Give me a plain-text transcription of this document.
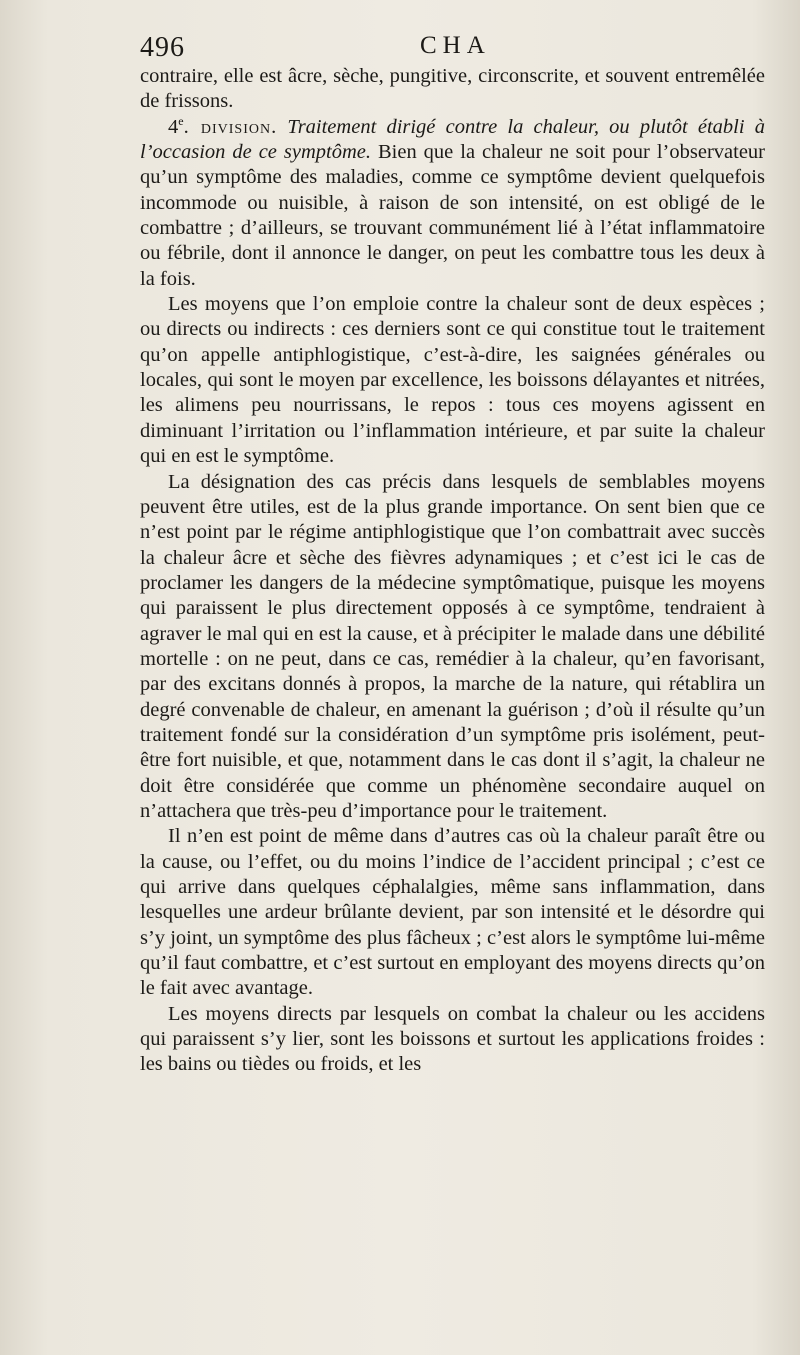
496	CHA

contraire, elle est âcre, sèche, pungitive, circonscrite, et souvent entremêlée de frissons.

4e. division. Traitement dirigé contre la chaleur, ou plutôt établi à l’occasion de ce symptôme. Bien que la chaleur ne soit pour l’observateur qu’un symptôme des maladies, comme ce symptôme devient quelquefois incommode ou nuisible, à raison de son intensité, on est obligé de le combattre ; d’ailleurs, se trouvant communément lié à l’état inflammatoire ou fébrile, dont il annonce le danger, on peut les combattre tous les deux à la fois.

Les moyens que l’on emploie contre la chaleur sont de deux espèces ; ou directs ou indirects : ces derniers sont ce qui constitue tout le traitement qu’on appelle antiphlogistique, c’est-à-dire, les saignées générales ou locales, qui sont le moyen par excellence, les boissons délayantes et nitrées, les alimens peu nourrissans, le repos : tous ces moyens agissent en diminuant l’irritation ou l’inflammation intérieure, et par suite la chaleur qui en est le symptôme.

La désignation des cas précis dans lesquels de semblables moyens peuvent être utiles, est de la plus grande importance. On sent bien que ce n’est point par le régime antiphlogistique que l’on combattrait avec succès la chaleur âcre et sèche des fièvres adynamiques ; et c’est ici le cas de proclamer les dangers de la médecine symptômatique, puisque les moyens qui paraissent le plus directement opposés à ce symptôme, tendraient à agraver le mal qui en est la cause, et à précipiter le malade dans une débilité mortelle : on ne peut, dans ce cas, remédier à la chaleur, qu’en favorisant, par des excitans donnés à propos, la marche de la nature, qui rétablira un degré convenable de chaleur, en amenant la guérison ; d’où il résulte qu’un traitement fondé sur la considération d’un symptôme pris isolément, peut-être fort nuisible, et que, notamment dans le cas dont il s’agit, la chaleur ne doit être considérée que comme un phénomène secondaire auquel on n’attachera que très-peu d’importance pour le traitement.

Il n’en est point de même dans d’autres cas où la chaleur paraît être ou la cause, ou l’effet, ou du moins l’indice de l’accident principal ; c’est ce qui arrive dans quelques céphalalgies, même sans inflammation, dans lesquelles une ardeur brûlante devient, par son intensité et le désordre qui s’y joint, un symptôme des plus fâcheux ; c’est alors le symptôme lui-même qu’il faut combattre, et c’est surtout en employant des moyens directs qu’on le fait avec avantage.

Les moyens directs par lesquels on combat la chaleur ou les accidens qui paraissent s’y lier, sont les boissons et surtout les applications froides : les bains ou tièdes ou froids, et les
